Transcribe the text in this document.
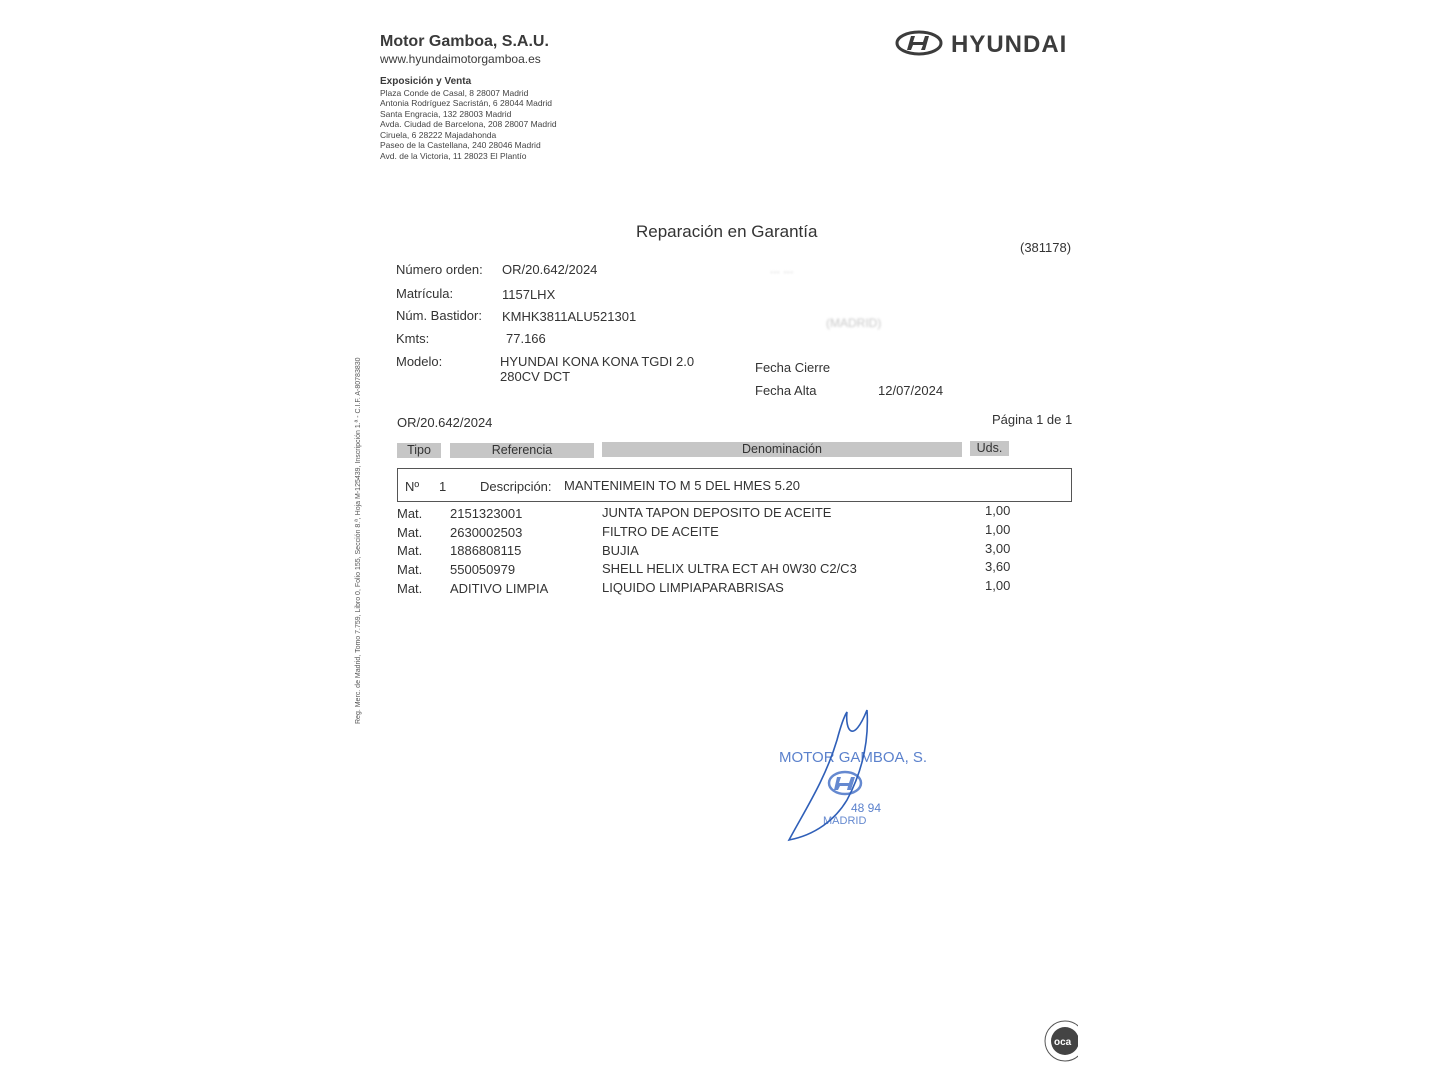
Motor Gamboa, S.A.U.
www.hyundaimotorgamboa.es
Exposición y Venta
Plaza Conde de Casal, 8 28007 Madrid
Antonia Rodríguez Sacristán, 6 28044 Madrid
Santa Engracia, 132 28003 Madrid
Avda. Ciudad de Barcelona, 208 28007 Madrid
Ciruela, 6 28222 Majadahonda
Paseo de la Castellana, 240 28046 Madrid
Avd. de la Victoria, 11 28023 El Plantío
HYUNDAI
Reparación en Garantía
(381178)
Número orden: OR/20.642/2024	... ...
Matrícula:	1157LHX
Núm. Bastidor: KMHK3811ALU521301	(MADRID)
Kmts:	77.166
Modelo:	HYUNDAI KONA KONA TGDI 2.0
280CV DCT
Fecha Cierre
Fecha Alta	12/07/2024
OR/20.642/2024	Página 1 de 1
Tipo	Referencia	Denominación	Uds.
Nº 1	Descripción: MANTENIMEIN TO M 5 DEL HMES 5.20
Mat. 2151323001	JUNTA TAPON DEPOSITO DE ACEITE	1,00
Mat. 2630002503	FILTRO DE ACEITE	1,00
Mat. 1886808115	BUJIA	3,00
Mat. 550050979	SHELL HELIX ULTRA ECT AH 0W30 C2/C3	3,60
Mat. ADITIVO LIMPIA	LIQUIDO LIMPIAPARABRISAS	1,00
Reg. Merc. de Madrid, Tomo 7.759, Libro 0, Folio 155, Sección 8.ª, Hoja M-125439, Inscripción 1.ª - C.I.F. A-80783830
MOTOR GAMBOA, S.
48 94
MADRID
oca
